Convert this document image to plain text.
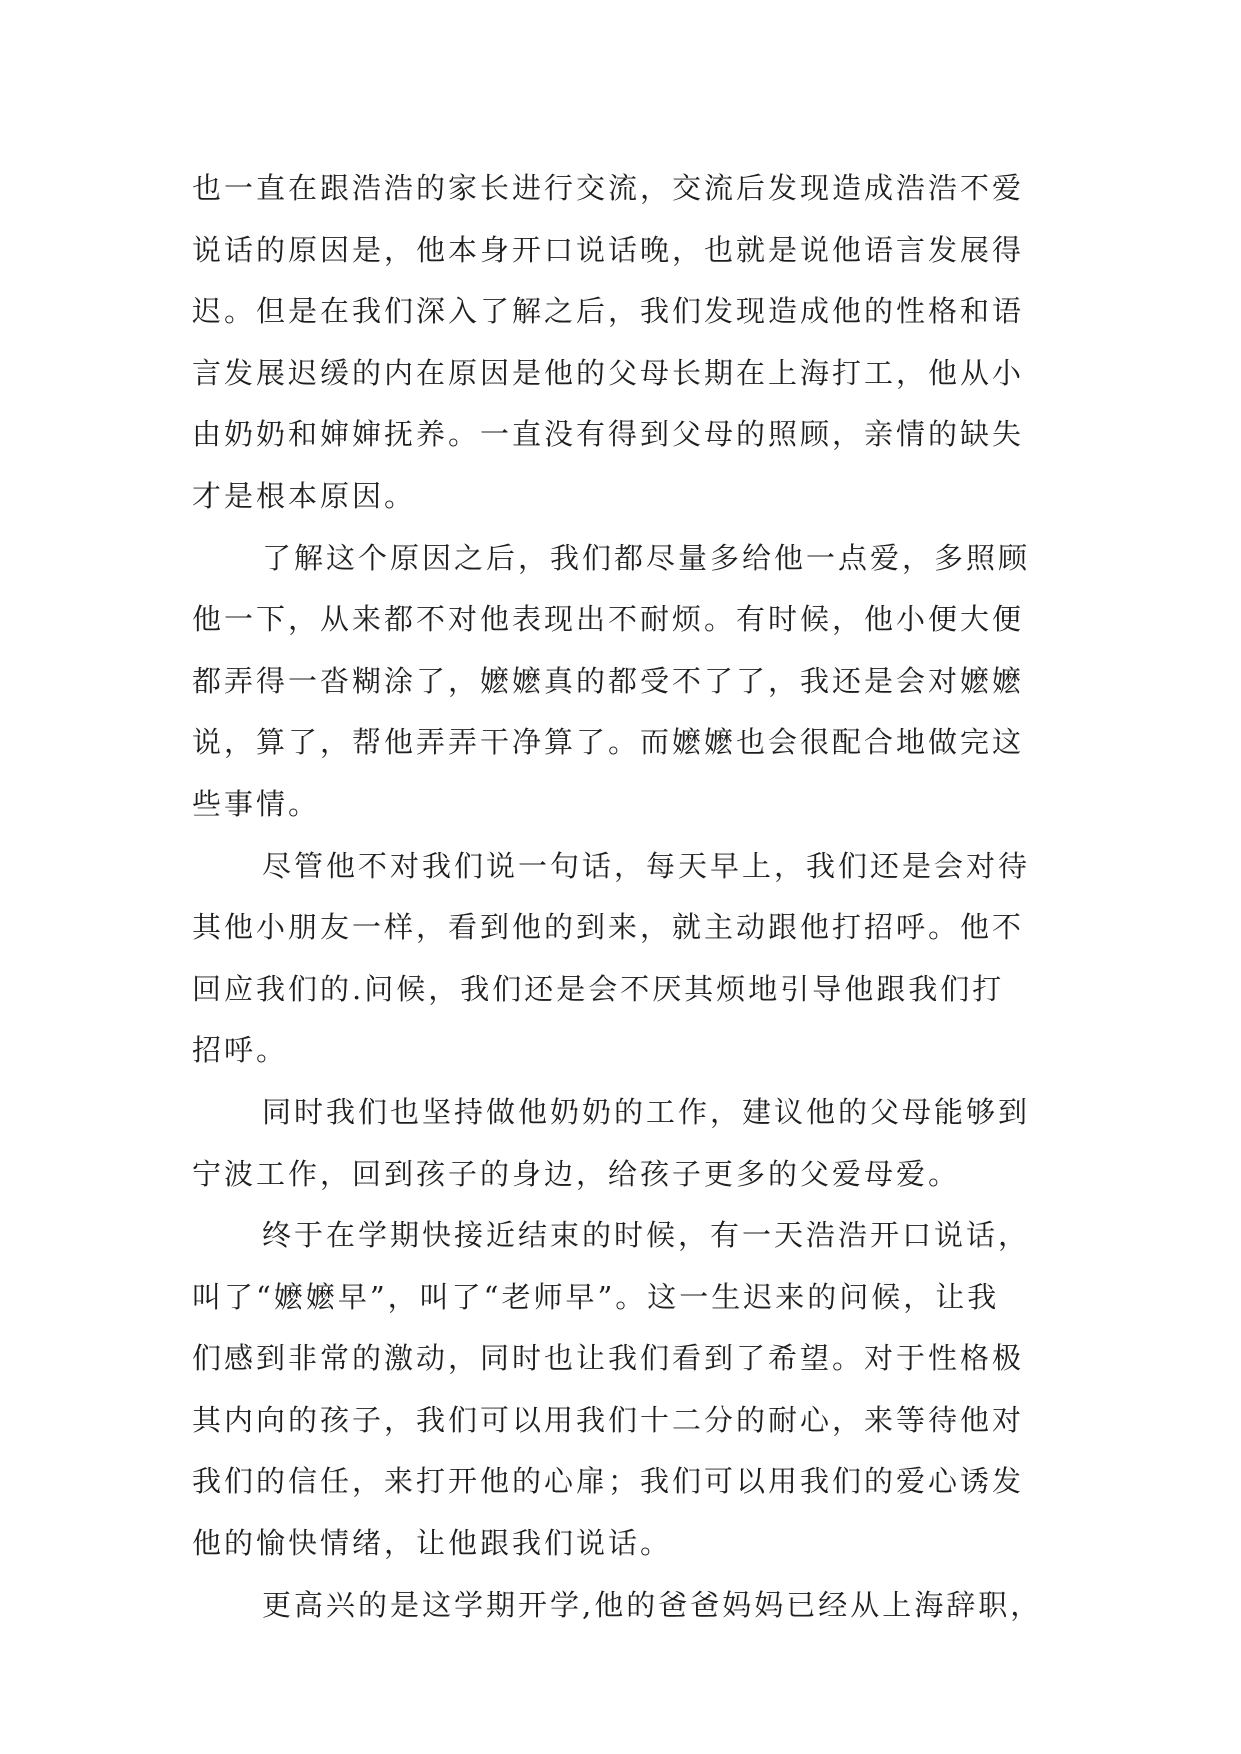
也一直在跟浩浩的家长进行交流，交流后发现造成浩浩不爱
说话的原因是，他本身开口说话晚，也就是说他语言发展得
迟。但是在我们深入了解之后，我们发现造成他的性格和语
言发展迟缓的内在原因是他的父母长期在上海打工，他从小
由奶奶和婶婶抚养。一直没有得到父母的照顾，亲情的缺失
才是根本原因。
了解这个原因之后，我们都尽量多给他一点爱，多照顾
他一下，从来都不对他表现出不耐烦。有时候，他小便大便
都弄得一沓糊涂了，嬷嬷真的都受不了了，我还是会对嬷嬷
说，算了，帮他弄弄干净算了。而嬷嬷也会很配合地做完这
些事情。
尽管他不对我们说一句话，每天早上，我们还是会对待
其他小朋友一样，看到他的到来，就主动跟他打招呼。他不
回应我们的.问候，我们还是会不厌其烦地引导他跟我们打
招呼。
同时我们也坚持做他奶奶的工作，建议他的父母能够到
宁波工作，回到孩子的身边，给孩子更多的父爱母爱。
终于在学期快接近结束的时候，有一天浩浩开口说话，
叫了“嬷嬷早”，叫了“老师早”。这一生迟来的问候，让我
们感到非常的激动，同时也让我们看到了希望。对于性格极
其内向的孩子，我们可以用我们十二分的耐心，来等待他对
我们的信任，来打开他的心扉；我们可以用我们的爱心诱发
他的愉快情绪，让他跟我们说话。
更高兴的是这学期开学,他的爸爸妈妈已经从上海辞职，
